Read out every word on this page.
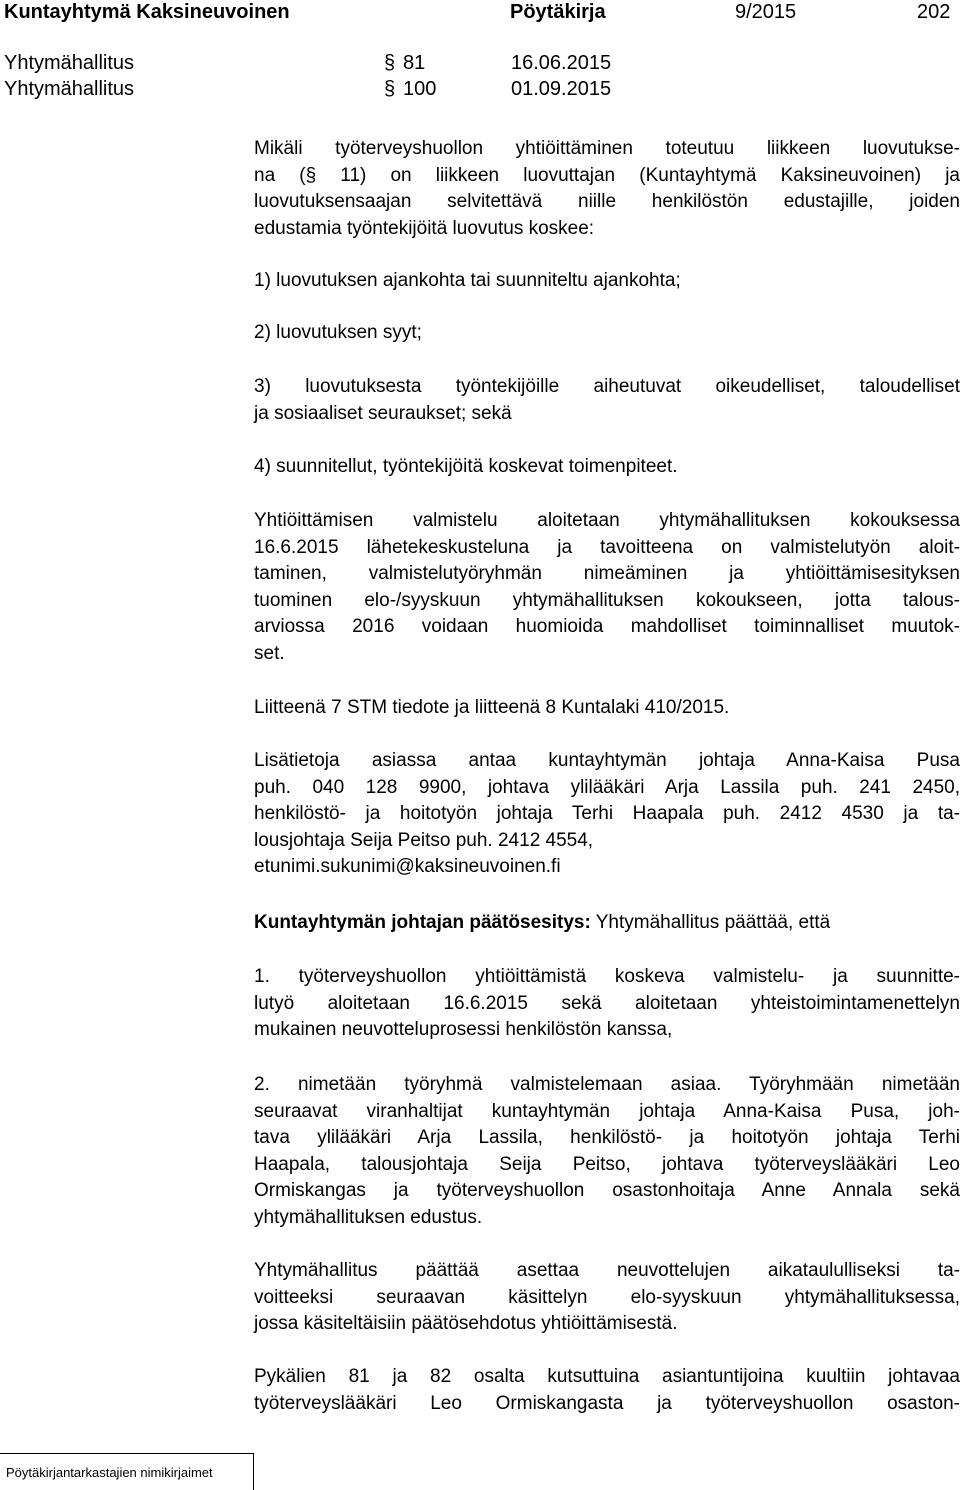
Kuntayhtymä Kaksineuvoinen	Pöytäkirja	9/2015	202
Yhtymähallitus	§ 81	16.06.2015
Yhtymähallitus	§ 100	01.09.2015
Mikäli työterveyshuollon yhtiöittäminen toteutuu liikkeen luovutukse-
na (§ 11) on liikkeen luovuttajan (Kuntayhtymä Kaksineuvoinen) ja
luovutuksensaajan selvitettävä niille henkilöstön edustajille, joiden
edustamia työntekijöitä luovutus koskee:
1) luovutuksen ajankohta tai suunniteltu ajankohta;
2) luovutuksen syyt;
3) luovutuksesta työntekijöille aiheutuvat oikeudelliset, taloudelliset
ja sosiaaliset seuraukset; sekä
4) suunnitellut, työntekijöitä koskevat toimenpiteet.
Yhtiöittämisen valmistelu aloitetaan yhtymähallituksen kokouksessa
16.6.2015 lähetekeskusteluna ja tavoitteena on valmistelutyön aloit-
taminen, valmistelutyöryhmän nimeäminen ja yhtiöittämisesityksen
tuominen elo-/syyskuun yhtymähallituksen kokoukseen, jotta talous-
arviossa 2016 voidaan huomioida mahdolliset toiminnalliset muutok-
set.
Liitteenä 7 STM tiedote ja liitteenä 8 Kuntalaki 410/2015.
Lisätietoja asiassa antaa kuntayhtymän johtaja Anna-Kaisa Pusa
puh. 040 128 9900, johtava ylilääkäri Arja Lassila puh. 241 2450,
henkilöstö- ja hoitotyön johtaja Terhi Haapala puh. 2412 4530 ja ta-
lousjohtaja Seija Peitso puh. 2412 4554,
etunimi.sukunimi@kaksineuvoinen.fi
Kuntayhtymän johtajan päätösesitys: Yhtymähallitus päättää, että
1. työterveyshuollon yhtiöittämistä koskeva valmistelu- ja suunnitte-
lutyö aloitetaan 16.6.2015 sekä aloitetaan yhteistoimintamenettelyn
mukainen neuvotteluprosessi henkilöstön kanssa,
2. nimetään työryhmä valmistelemaan asiaa. Työryhmään nimetään
seuraavat viranhaltijat kuntayhtymän johtaja Anna-Kaisa Pusa, joh-
tava ylilääkäri Arja Lassila, henkilöstö- ja hoitotyön johtaja Terhi
Haapala, talousjohtaja Seija Peitso, johtava työterveyslääkäri Leo
Ormiskangas ja työterveyshuollon osastonhoitaja Anne Annala sekä
yhtymähallituksen edustus.
Yhtymähallitus päättää asettaa neuvottelujen aikataululliseksi ta-
voitteeksi seuraavan käsittelyn elo-syyskuun yhtymähallituksessa,
jossa käsiteltäisiin päätösehdotus yhtiöittämisestä.
Pykälien 81 ja 82 osalta kutsuttuina asiantuntijoina kuultiin johtavaa
työterveyslääkäri Leo Ormiskangasta ja työterveyshuollon osaston-
Pöytäkirjantarkastajien nimikirjaimet
